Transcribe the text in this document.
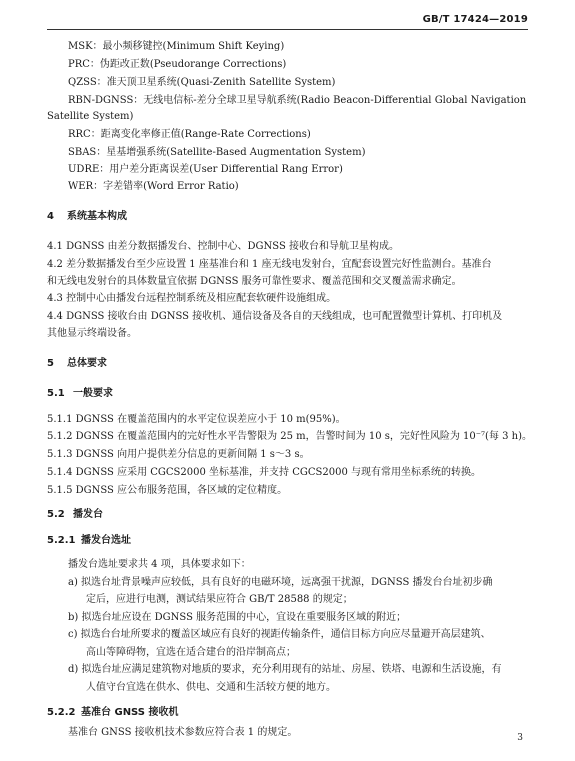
GB/T 17424—2019
MSK：最小频移键控(Minimum Shift Keying)
PRC：伪距改正数(Pseudorange Corrections)
QZSS：准天顶卫星系统(Quasi-Zenith Satellite System)
RBN-DGNSS：无线电信标-差分全球卫星导航系统(Radio Beacon-Differential Global Navigation
Satellite System)
RRC：距离变化率修正值(Range-Rate Corrections)
SBAS：星基增强系统(Satellite-Based Augmentation System)
UDRE：用户差分距离误差(User Differential Rang Error)
WER：字差错率(Word Error Ratio)
4 系统基本构成
4.1 DGNSS 由差分数据播发台、控制中心、DGNSS 接收台和导航卫星构成。
4.2 差分数据播发台至少应设置 1 座基准台和 1 座无线电发射台，宜配套设置完好性监测台。基准台
和无线电发射台的具体数量宜依据 DGNSS 服务可靠性要求、覆盖范围和交叉覆盖需求确定。
4.3 控制中心由播发台远程控制系统及相应配套软硬件设施组成。
4.4 DGNSS 接收台由 DGNSS 接收机、通信设备及各自的天线组成，也可配置微型计算机、打印机及
其他显示终端设备。
5 总体要求
5.1 一般要求
5.1.1 DGNSS 在覆盖范围内的水平定位误差应小于 10 m(95%)。
5.1.2 DGNSS 在覆盖范围内的完好性水平告警限为 25 m，告警时间为 10 s，完好性风险为 10⁻⁷(每 3 h)。
5.1.3 DGNSS 向用户提供差分信息的更新间隔 1 s～3 s。
5.1.4 DGNSS 应采用 CGCS2000 坐标基准，并支持 CGCS2000 与现有常用坐标系统的转换。
5.1.5 DGNSS 应公布服务范围，各区域的定位精度。
5.2 播发台
5.2.1 播发台选址
播发台选址要求共 4 项，具体要求如下：
a) 拟选台址背景噪声应较低，具有良好的电磁环境，远离强干扰源，DGNSS 播发台台址初步确
定后，应进行电测，测试结果应符合 GB/T 28588 的规定；
b) 拟选台址应设在 DGNSS 服务范围的中心，宜设在重要服务区域的附近；
c) 拟选台台址所要求的覆盖区域应有良好的视距传输条件，通信目标方向应尽量避开高层建筑、
高山等障碍物，宜选在适合建台的沿岸制高点；
d) 拟选台址应满足建筑物对地质的要求，充分利用现有的站址、房屋、铁塔、电源和生活设施，有
人值守台宜选在供水、供电、交通和生活较方便的地方。
5.2.2 基准台 GNSS 接收机
基准台 GNSS 接收机技术参数应符合表 1 的规定。	3
